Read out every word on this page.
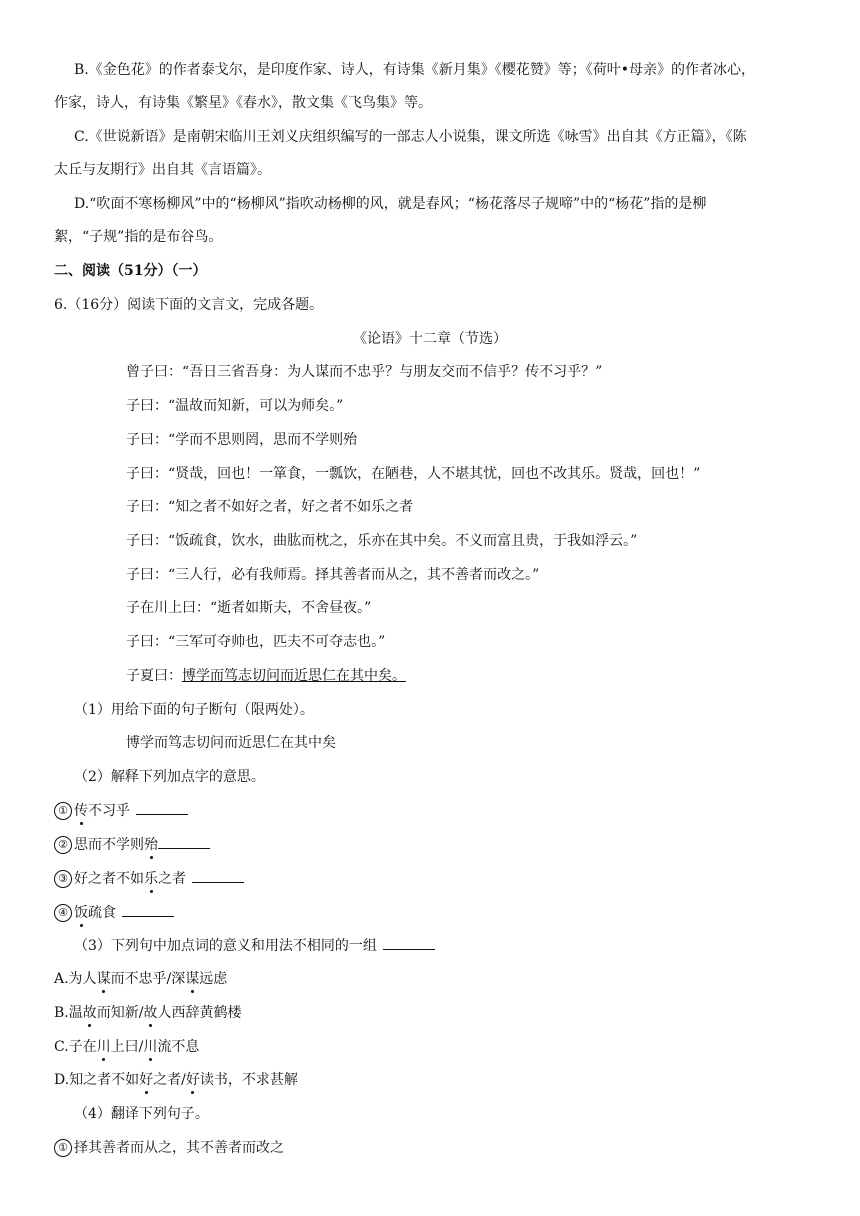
B.《金色花》的作者泰戈尔，是印度作家、诗人，有诗集《新月集》《樱花赞》等；《荷叶•母亲》的作者冰心，
作家，诗人，有诗集《繁星》《春水》，散文集《飞鸟集》等。
C.《世说新语》是南朝宋临川王刘义庆组织编写的一部志人小说集，课文所选《咏雪》出自其《方正篇》，《陈
太丘与友期行》出自其《言语篇》。
D.“吹面不寒杨柳风”中的“杨柳风”指吹动杨柳的风，就是春风；“杨花落尽子规啼”中的“杨花”指的是柳
絮，“子规”指的是布谷鸟。
二、阅读（51分）（一）
6.（16分）阅读下面的文言文，完成各题。
《论语》十二章（节选）
曾子曰：“吾日三省吾身：为人谋而不忠乎？与朋友交而不信乎？传不习乎？”
子曰：“温故而知新，可以为师矣。”
子曰：“学而不思则罔，思而不学则殆
子曰：“贤哉，回也！一箪食，一瓢饮，在陋巷，人不堪其忧，回也不改其乐。贤哉，回也！”
子曰：“知之者不如好之者，好之者不如乐之者
子曰：“饭疏食，饮水，曲肱而枕之，乐亦在其中矣。不义而富且贵，于我如浮云。”
子曰：“三人行，必有我师焉。择其善者而从之，其不善者而改之。”
子在川上曰：“逝者如斯夫，不舍昼夜。”
子曰：“三军可夺帅也，匹夫不可夺志也。”
子夏曰：博学而笃志切问而近思仁在其中矣。
（1）用给下面的句子断句（限两处）。
博学而笃志切问而近思仁在其中矣
（2）解释下列加点字的意思。
① 传不习乎
② 思而不学则殆
③ 好之者不如乐之者
④ 饭疏食
（3）下列句中加点词的意义和用法不相同的一组
A.为人谋而不忠乎/深谋远虑
B.温故而知新/故人西辞黄鹤楼
C.子在川上曰/川流不息
D.知之者不如好之者/好读书，不求甚解
（4）翻译下列句子。
① 择其善者而从之，其不善者而改之
